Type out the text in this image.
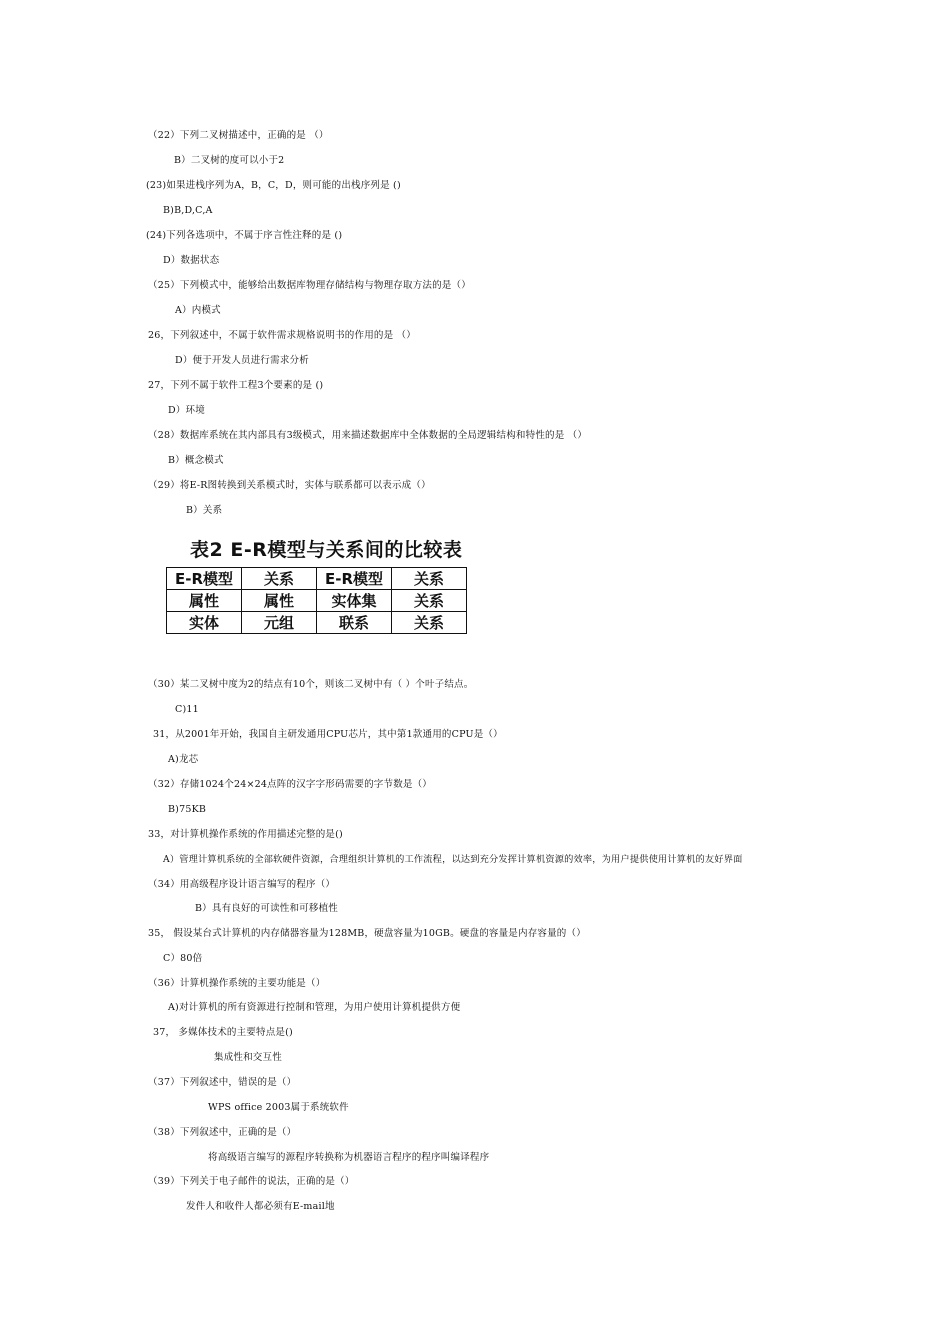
（22）下列二叉树描述中，正确的是 （）
B）二叉树的度可以小于2
(23)如果进栈序列为A，B，C，D，则可能的出栈序列是 ()
B)B,D,C,A
(24)下列各选项中，不属于序言性注释的是 ()
D）数据状态
（25）下列模式中，能够给出数据库物理存储结构与物理存取方法的是（）
A）内模式
26，下列叙述中，不属于软件需求规格说明书的作用的是 （）
D）便于开发人员进行需求分析
27，下列不属于软件工程3个要素的是 ()
D）环境
（28）数据库系统在其内部具有3级模式，用来描述数据库中全体数据的全局逻辑结构和特性的是 （）
B）概念模式
（29）将E-R图转换到关系模式时，实体与联系都可以表示成（）
B）关系
表2 E-R模型与关系间的比较表
E-R模型	关系	E-R模型	关系
属性	属性	实体集	关系
实体	元组	联系	关系
（30）某二叉树中度为2的结点有10个，则该二叉树中有（ ）个叶子结点。
C)11
31，从2001年开始，我国自主研发通用CPU芯片，其中第1款通用的CPU是（）
A)龙芯
（32）存储1024个24×24点阵的汉字字形码需要的字节数是（）
B)75KB
33，对计算机操作系统的作用描述完整的是()
A）管理计算机系统的全部软硬件资源，合理组织计算机的工作流程，以达到充分发挥计算机资源的效率，为用户提供使用计算机的友好界面
（34）用高级程序设计语言编写的程序（）
B）具有良好的可读性和可移植性
35， 假设某台式计算机的内存储器容量为128MB，硬盘容量为10GB。硬盘的容量是内存容量的（）
C）80倍
（36）计算机操作系统的主要功能是（）
A)对计算机的所有资源进行控制和管理，为用户使用计算机提供方便
37， 多媒体技术的主要特点是()
集成性和交互性
（37）下列叙述中，错误的是（）
WPS office 2003属于系统软件
（38）下列叙述中，正确的是（）
将高级语言编写的源程序转换称为机器语言程序的程序叫编译程序
（39）下列关于电子邮件的说法，正确的是（）
发件人和收件人都必须有E-mail地
